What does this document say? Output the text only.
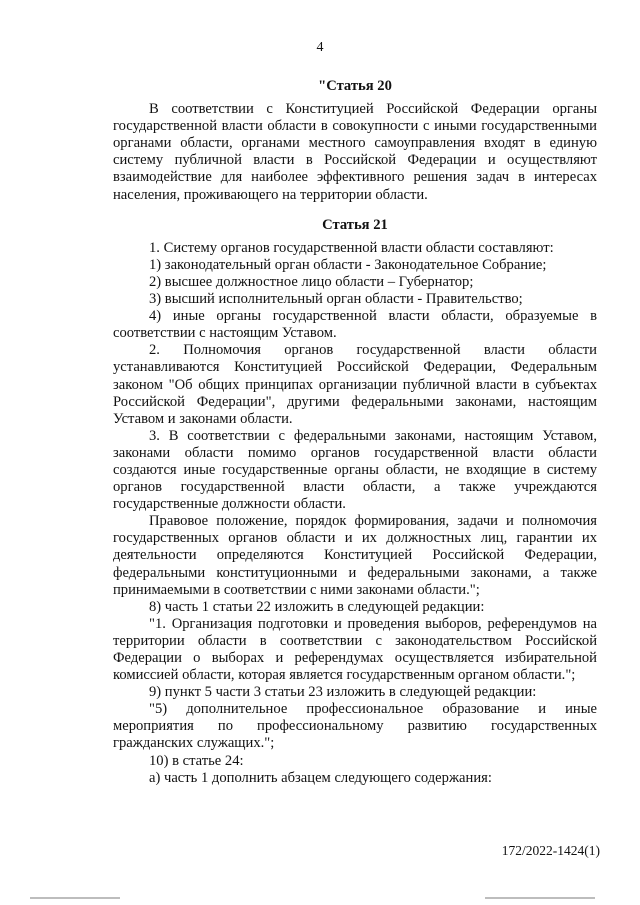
4

"Статья 20

В соответствии с Конституцией Российской Федерации органы государственной власти области в совокупности с иными государственными органами области, органами местного самоуправления входят в единую систему публичной власти в Российской Федерации и осуществляют взаимодействие для наиболее эффективного решения задач в интересах населения, проживающего на территории области.

Статья 21

1. Систему органов государственной власти области составляют:

1) законодательный орган области - Законодательное Собрание;

2) высшее должностное лицо области – Губернатор;

3) высший исполнительный орган области - Правительство;

4) иные органы государственной власти области, образуемые в соответствии с настоящим Уставом.

2. Полномочия органов государственной власти области устанавливаются Конституцией Российской Федерации, Федеральным законом "Об общих принципах организации публичной власти в субъектах Российской Федерации", другими федеральными законами, настоящим Уставом и законами области.

3. В соответствии с федеральными законами, настоящим Уставом, законами области помимо органов государственной власти области создаются иные государственные органы области, не входящие в систему органов государственной власти области, а также учреждаются государственные должности области.

Правовое положение, порядок формирования, задачи и полномочия государственных органов области и их должностных лиц, гарантии их деятельности определяются Конституцией Российской Федерации, федеральными конституционными и федеральными законами, а также принимаемыми в соответствии с ними законами области.";

8) часть 1 статьи 22 изложить в следующей редакции:

"1. Организация подготовки и проведения выборов, референдумов на территории области в соответствии с законодательством Российской Федерации о выборах и референдумах осуществляется избирательной комиссией области, которая является государственным органом области.";

9) пункт 5 части 3 статьи 23 изложить в следующей редакции:

"5) дополнительное профессиональное образование и иные мероприятия по профессиональному развитию государственных гражданских служащих.";

10) в статье 24:

а) часть 1 дополнить абзацем следующего содержания:

172/2022-1424(1)
